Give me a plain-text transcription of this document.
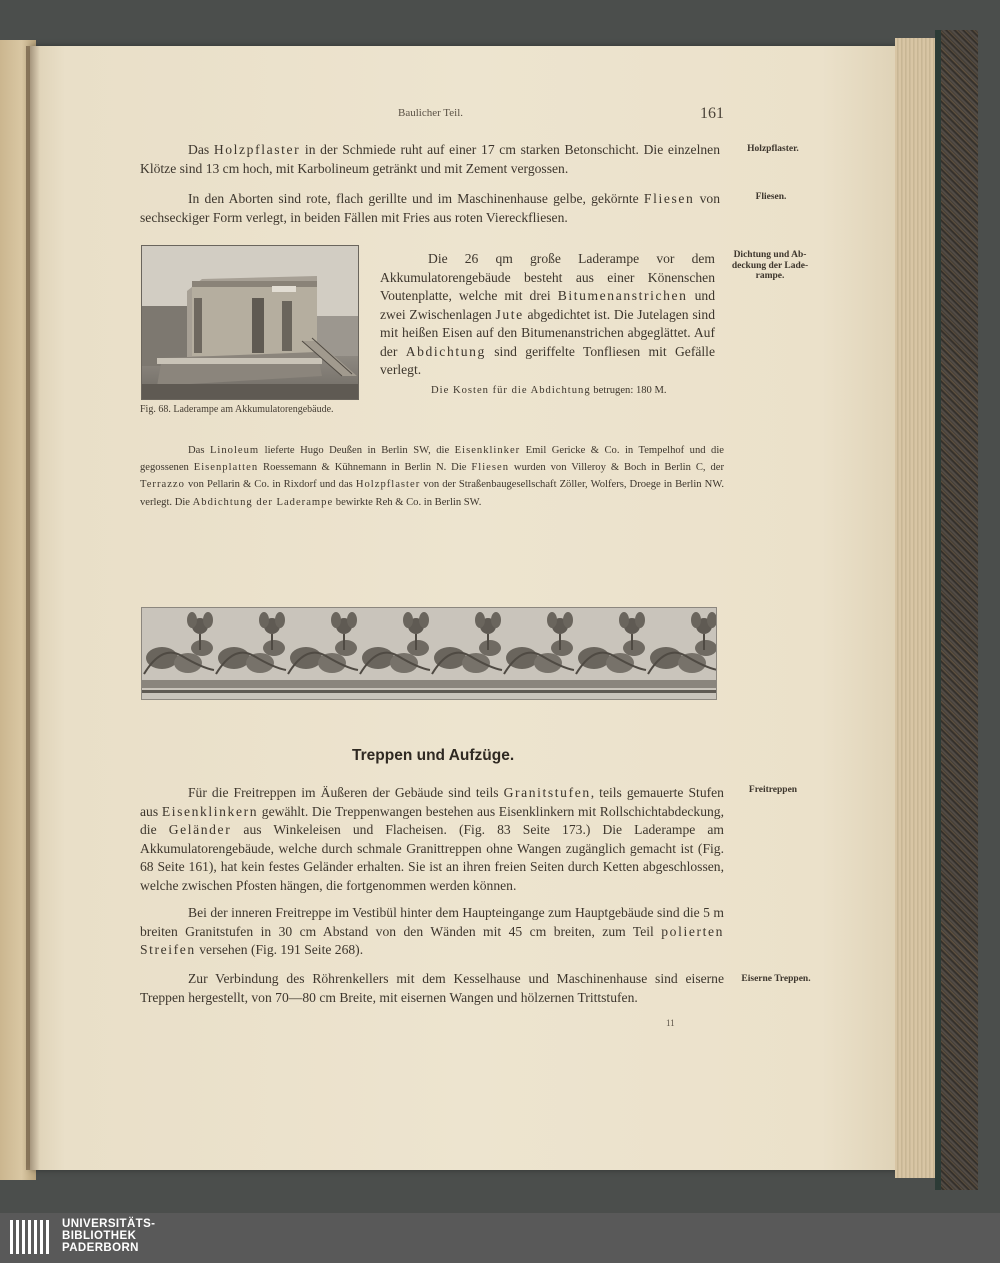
Baulicher Teil.	161
Das Holzpflaster in der Schmiede ruht auf einer 17 cm starken Betonschicht. Die einzelnen Klötze sind 13 cm hoch, mit Karbolineum getränkt und mit Zement vergossen.
Holzpflaster.
In den Aborten sind rote, flach gerillte und im Maschinenhause gelbe, gekörnte Fliesen von sechseckiger Form verlegt, in beiden Fällen mit Fries aus roten Viereckfliesen.
Fliesen.
Die 26 qm große Laderampe vor dem Akkumulatorengebäude besteht aus einer Könenschen Voutenplatte, welche mit drei Bitumenanstrichen und zwei Zwischenlagen Jute abgedichtet ist. Die Jutelagen sind mit heißen Eisen auf den Bitumenanstrichen abgeglättet. Auf der Abdichtung sind geriffelte Tonfliesen mit Gefälle verlegt.
Dichtung und Ab-
deckung der Lade-
rampe.
Die Kosten für die Abdichtung betrugen: 180 M.
Fig. 68. Laderampe am Akkumulatorengebäude.
Das Linoleum lieferte Hugo Deußen in Berlin SW, die Eisenklinker Emil Gericke & Co. in Tempelhof und die gegossenen Eisenplatten Roessemann & Kühnemann in Berlin N. Die Fliesen wurden von Villeroy & Boch in Berlin C, der Terrazzo von Pellarin & Co. in Rixdorf und das Holzpflaster von der Straßenbaugesellschaft Zöller, Wolfers, Droege in Berlin NW. verlegt. Die Abdichtung der Laderampe bewirkte Reh & Co. in Berlin SW.
Treppen und Aufzüge.
Für die Freitreppen im Äußeren der Gebäude sind teils Granitstufen, teils gemauerte Stufen aus Eisenklinkern gewählt. Die Treppenwangen bestehen aus Eisenklinkern mit Rollschichtabdeckung, die Geländer aus Winkeleisen und Flacheisen. (Fig. 83 Seite 173.) Die Laderampe am Akkumulatorengebäude, welche durch schmale Granittreppen ohne Wangen zugänglich gemacht ist (Fig. 68 Seite 161), hat kein festes Geländer erhalten. Sie ist an ihren freien Seiten durch Ketten abgeschlossen, welche zwischen Pfosten hängen, die fortgenommen werden können.
Freitreppen
Bei der inneren Freitreppe im Vestibül hinter dem Haupteingange zum Hauptgebäude sind die 5 m breiten Granitstufen in 30 cm Abstand von den Wänden mit 45 cm breiten, zum Teil polierten Streifen versehen (Fig. 191 Seite 268).
Zur Verbindung des Röhrenkellers mit dem Kesselhause und Maschinenhause sind eiserne Treppen hergestellt, von 70—80 cm Breite, mit eisernen Wangen und hölzernen Trittstufen.
Eiserne Treppen.
11
UNIVERSITÄTS-
BIBLIOTHEK
PADERBORN
